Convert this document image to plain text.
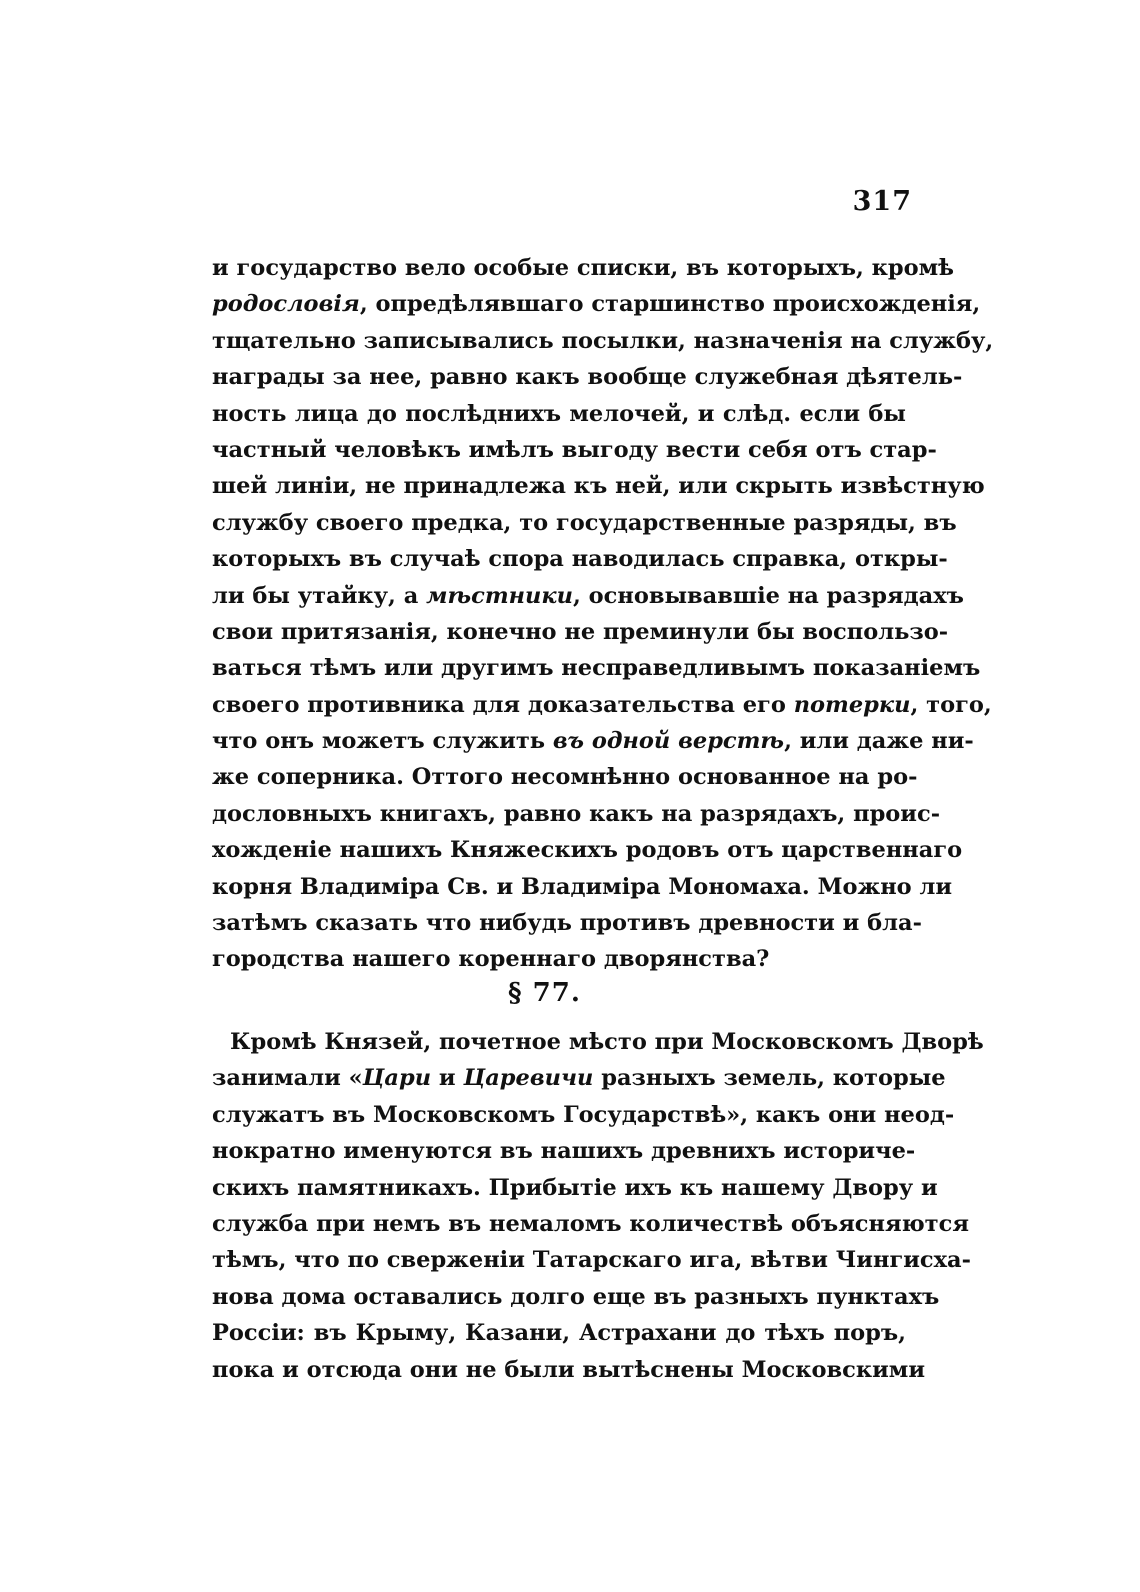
317
и государство вело особые списки, въ которыхъ, кромѣ
родословія, опредѣлявшаго старшинство происхожденія,
тщательно записывались посылки, назначенія на службу,
награды за нее, равно какъ вообще служебная дѣятель-
ность лица до послѣднихъ мелочей, и слѣд. если бы
частный человѣкъ имѣлъ выгоду вести себя отъ стар-
шей линіи, не принадлежа къ ней, или скрыть извѣстную
службу своего предка, то государственные разряды, въ
которыхъ въ случаѣ спора наводилась справка, откры-
ли бы утайку, а мѣстники, основывавшіе на разрядахъ
свои притязанія, конечно не преминули бы воспользо-
ваться тѣмъ или другимъ несправедливымъ показаніемъ
своего противника для доказательства его потерки, того,
что онъ можетъ служить въ одной верстѣ, или даже ни-
же соперника. Оттого несомнѣнно основанное на ро-
дословныхъ книгахъ, равно какъ на разрядахъ, проис-
хожденіе нашихъ Княжескихъ родовъ отъ царственнаго
корня Владиміра Св. и Владиміра Мономаха. Можно ли
затѣмъ сказать что нибудь противъ древности и бла-
городства нашего кореннаго дворянства?
§ 77.
Кромѣ Князей, почетное мѣсто при Московскомъ Дворѣ
занимали «Цари и Царевичи разныхъ земель, которые
служатъ въ Московскомъ Государствѣ», какъ они неод-
нократно именуются въ нашихъ древнихъ историче-
скихъ памятникахъ. Прибытіе ихъ къ нашему Двору и
служба при немъ въ немаломъ количествѣ объясняются
тѣмъ, что по сверженіи Татарскаго ига, вѣтви Чингисха-
нова дома оставались долго еще въ разныхъ пунктахъ
Россіи: въ Крыму, Казани, Астрахани до тѣхъ поръ,
пока и отсюда они не были вытѣснены Московскими
